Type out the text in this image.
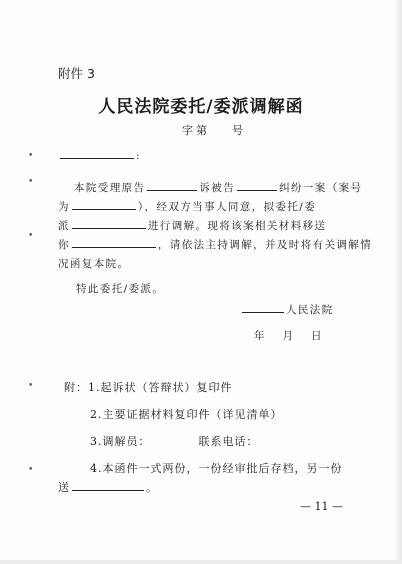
•
•
•
•
•
附件 3
人民法院委托/委派调解函
字第 号
:
本院受理原告	诉被告	纠纷一案（案号
为	），经双方当事人同意，拟委托/委
派	进行调解。现将该案相关材料移送
你	，请依法主持调解，并及时将有关调解情
况函复本院。
特此委托/委派。
人民法院
年 月 日
附：1.起诉状（答辩状）复印件
2.主要证据材料复印件（详见清单）
3.调解员：	联系电话：
4.本函件一式两份，一份经审批后存档，另一份
送	。
— 11 —
